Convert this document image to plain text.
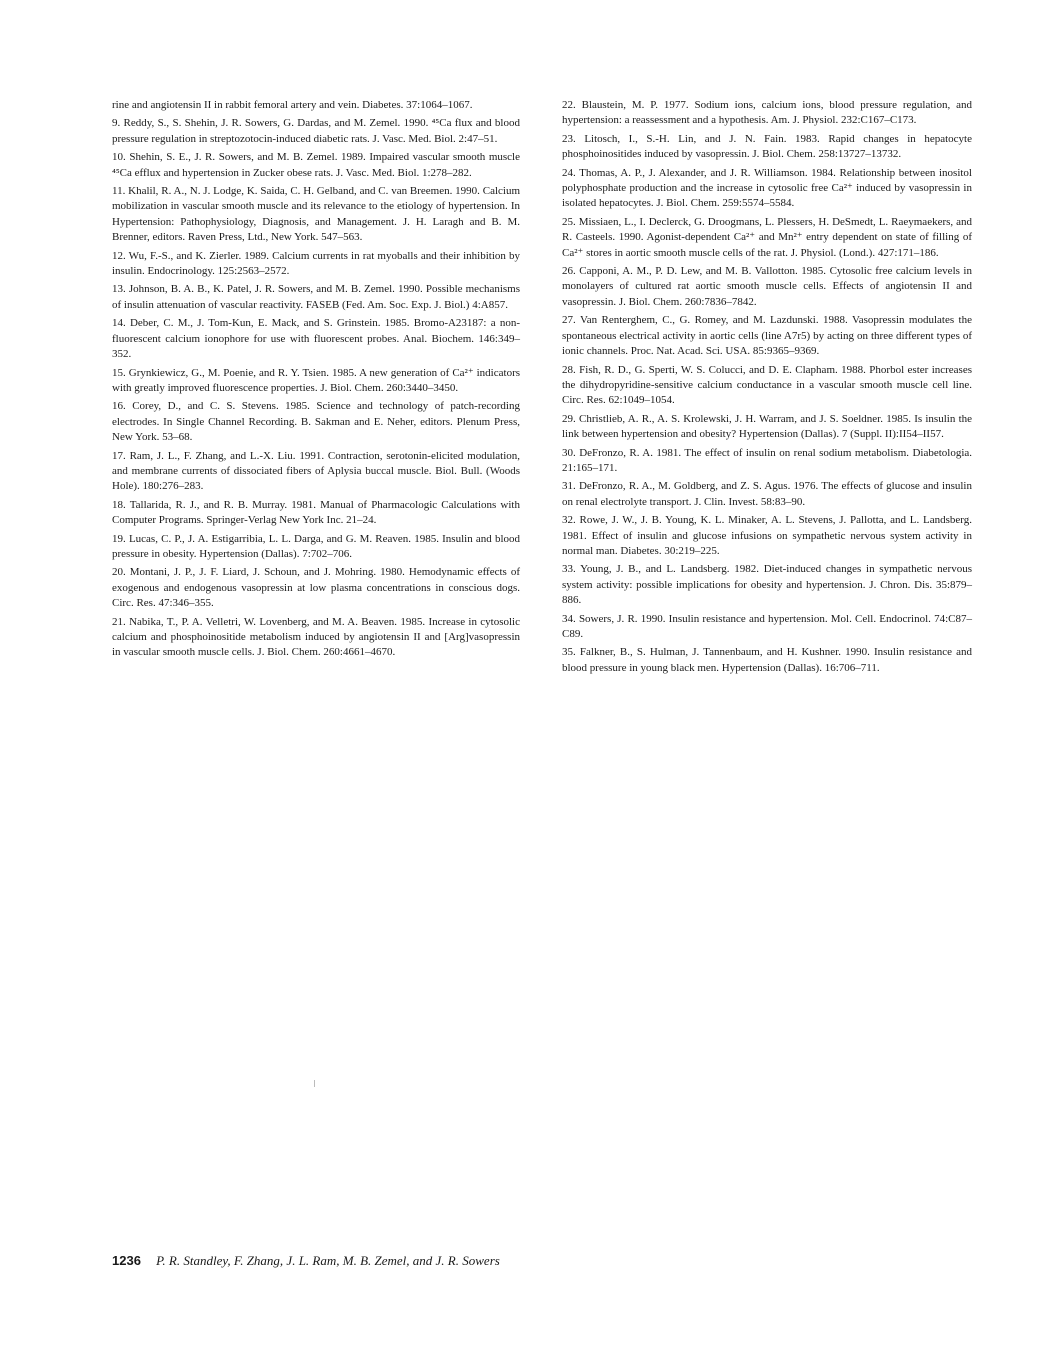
rine and angiotensin II in rabbit femoral artery and vein. Diabetes. 37:1064–1067.

9. Reddy, S., S. Shehin, J. R. Sowers, G. Dardas, and M. Zemel. 1990. ⁴⁵Ca flux and blood pressure regulation in streptozotocin-induced diabetic rats. J. Vasc. Med. Biol. 2:47–51.

10. Shehin, S. E., J. R. Sowers, and M. B. Zemel. 1989. Impaired vascular smooth muscle ⁴⁵Ca efflux and hypertension in Zucker obese rats. J. Vasc. Med. Biol. 1:278–282.

11. Khalil, R. A., N. J. Lodge, K. Saida, C. H. Gelband, and C. van Breemen. 1990. Calcium mobilization in vascular smooth muscle and its relevance to the etiology of hypertension. In Hypertension: Pathophysiology, Diagnosis, and Management. J. H. Laragh and B. M. Brenner, editors. Raven Press, Ltd., New York. 547–563.

12. Wu, F.-S., and K. Zierler. 1989. Calcium currents in rat myoballs and their inhibition by insulin. Endocrinology. 125:2563–2572.

13. Johnson, B. A. B., K. Patel, J. R. Sowers, and M. B. Zemel. 1990. Possible mechanisms of insulin attenuation of vascular reactivity. FASEB (Fed. Am. Soc. Exp. J. Biol.) 4:A857.

14. Deber, C. M., J. Tom-Kun, E. Mack, and S. Grinstein. 1985. Bromo-A23187: a non-fluorescent calcium ionophore for use with fluorescent probes. Anal. Biochem. 146:349–352.

15. Grynkiewicz, G., M. Poenie, and R. Y. Tsien. 1985. A new generation of Ca²⁺ indicators with greatly improved fluorescence properties. J. Biol. Chem. 260:3440–3450.

16. Corey, D., and C. S. Stevens. 1985. Science and technology of patch-recording electrodes. In Single Channel Recording. B. Sakman and E. Neher, editors. Plenum Press, New York. 53–68.

17. Ram, J. L., F. Zhang, and L.-X. Liu. 1991. Contraction, serotonin-elicited modulation, and membrane currents of dissociated fibers of Aplysia buccal muscle. Biol. Bull. (Woods Hole). 180:276–283.

18. Tallarida, R. J., and R. B. Murray. 1981. Manual of Pharmacologic Calculations with Computer Programs. Springer-Verlag New York Inc. 21–24.

19. Lucas, C. P., J. A. Estigarribia, L. L. Darga, and G. M. Reaven. 1985. Insulin and blood pressure in obesity. Hypertension (Dallas). 7:702–706.

20. Montani, J. P., J. F. Liard, J. Schoun, and J. Mohring. 1980. Hemodynamic effects of exogenous and endogenous vasopressin at low plasma concentrations in conscious dogs. Circ. Res. 47:346–355.

21. Nabika, T., P. A. Velletri, W. Lovenberg, and M. A. Beaven. 1985. Increase in cytosolic calcium and phosphoinositide metabolism induced by angiotensin II and [Arg]vasopressin in vascular smooth muscle cells. J. Biol. Chem. 260:4661–4670.

22. Blaustein, M. P. 1977. Sodium ions, calcium ions, blood pressure regulation, and hypertension: a reassessment and a hypothesis. Am. J. Physiol. 232:C167–C173.

23. Litosch, I., S.-H. Lin, and J. N. Fain. 1983. Rapid changes in hepatocyte phosphoinositides induced by vasopressin. J. Biol. Chem. 258:13727–13732.

24. Thomas, A. P., J. Alexander, and J. R. Williamson. 1984. Relationship between inositol polyphosphate production and the increase in cytosolic free Ca²⁺ induced by vasopressin in isolated hepatocytes. J. Biol. Chem. 259:5574–5584.

25. Missiaen, L., I. Declerck, G. Droogmans, L. Plessers, H. DeSmedt, L. Raeymaekers, and R. Casteels. 1990. Agonist-dependent Ca²⁺ and Mn²⁺ entry dependent on state of filling of Ca²⁺ stores in aortic smooth muscle cells of the rat. J. Physiol. (Lond.). 427:171–186.

26. Capponi, A. M., P. D. Lew, and M. B. Vallotton. 1985. Cytosolic free calcium levels in monolayers of cultured rat aortic smooth muscle cells. Effects of angiotensin II and vasopressin. J. Biol. Chem. 260:7836–7842.

27. Van Renterghem, C., G. Romey, and M. Lazdunski. 1988. Vasopressin modulates the spontaneous electrical activity in aortic cells (line A7r5) by acting on three different types of ionic channels. Proc. Nat. Acad. Sci. USA. 85:9365–9369.

28. Fish, R. D., G. Sperti, W. S. Colucci, and D. E. Clapham. 1988. Phorbol ester increases the dihydropyridine-sensitive calcium conductance in a vascular smooth muscle cell line. Circ. Res. 62:1049–1054.

29. Christlieb, A. R., A. S. Krolewski, J. H. Warram, and J. S. Soeldner. 1985. Is insulin the link between hypertension and obesity? Hypertension (Dallas). 7 (Suppl. II):II54–II57.

30. DeFronzo, R. A. 1981. The effect of insulin on renal sodium metabolism. Diabetologia. 21:165–171.

31. DeFronzo, R. A., M. Goldberg, and Z. S. Agus. 1976. The effects of glucose and insulin on renal electrolyte transport. J. Clin. Invest. 58:83–90.

32. Rowe, J. W., J. B. Young, K. L. Minaker, A. L. Stevens, J. Pallotta, and L. Landsberg. 1981. Effect of insulin and glucose infusions on sympathetic nervous system activity in normal man. Diabetes. 30:219–225.

33. Young, J. B., and L. Landsberg. 1982. Diet-induced changes in sympathetic nervous system activity: possible implications for obesity and hypertension. J. Chron. Dis. 35:879–886.

34. Sowers, J. R. 1990. Insulin resistance and hypertension. Mol. Cell. Endocrinol. 74:C87–C89.

35. Falkner, B., S. Hulman, J. Tannenbaum, and H. Kushner. 1990. Insulin resistance and blood pressure in young black men. Hypertension (Dallas). 16:706–711.

1236 P. R. Standley, F. Zhang, J. L. Ram, M. B. Zemel, and J. R. Sowers
